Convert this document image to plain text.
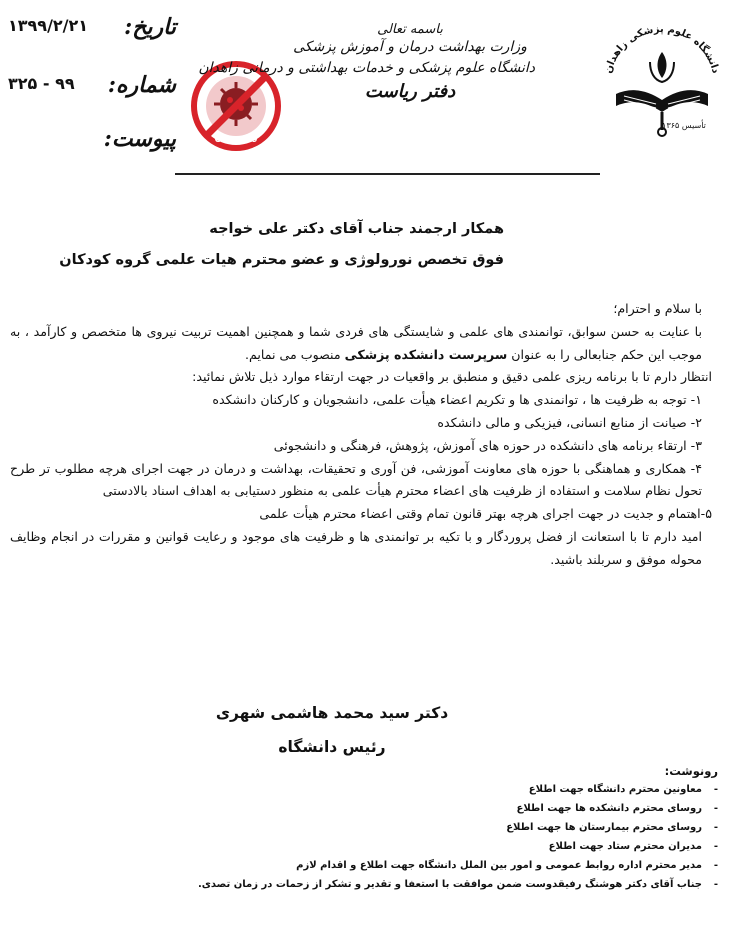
تاریخ:
۱۳۹۹/۲/۲۱
شماره:
۹۹ - ۳۲۵
پیوست:	COVID-19
باسمه تعالی
وزارت بهداشت درمان و آموزش پزشکی
دانشگاه علوم پزشکی و خدمات بهداشتی و درمانی زاهدان
دفتر ریاست
دانشگاه علوم پزشکی زاهدان
تأسیس ۱۳۶۵
همکار ارجمند جناب آقای دکتر علی خواجه
فوق تخصص نورولوژی و عضو محترم هیات علمی گروه کودکان

با سلام و احترام؛

با عنایت به حسن سوابق، توانمندی های علمی و شایستگی های فردی شما و همچنین اهمیت تربیت نیروی ها متخصص و کارآمد ، به موجب این حکم جنابعالی را به عنوان سرپرست دانشکده پزشکی منصوب می نمایم.

انتظار دارم تا با برنامه ریزی علمی دقیق و منطبق بر واقعیات در جهت ارتقاء موارد ذیل تلاش نمائید:

۱- توجه به ظرفیت ها ، توانمندی ها و تکریم اعضاء هیأت علمی، دانشجویان و کارکنان دانشکده

۲- صیانت از منابع انسانی، فیزیکی و مالی دانشکده

۳- ارتقاء برنامه های دانشکده در حوزه های آموزش، پژوهش، فرهنگی و دانشجوئی

۴- همکاری و هماهنگی با حوزه های معاونت آموزشی، فن آوری و تحقیقات، بهداشت و درمان در جهت اجرای هرچه مطلوب تر طرح تحول نظام سلامت و استفاده از ظرفیت های اعضاء محترم هیأت علمی به منظور دستیابی به اهداف اسناد بالادستی

۵-اهتمام و جدیت در جهت اجرای هرچه بهتر قانون تمام وقتی اعضاء محترم هیأت علمی

امید دارم تا با استعانت از فضل پروردگار و با تکیه بر توانمندی ها و ظرفیت های موجود و رعایت قوانین و مقررات در انجام وظایف محوله موفق و سربلند باشید.

دکتر سید محمد هاشمی شهری
رئیس دانشگاه
رونوشت:
-
معاونین محترم دانشگاه جهت اطلاع
-
روسای محترم دانشکده ها جهت اطلاع
-
روسای محترم بیمارستان ها جهت اطلاع
-
مدیران محترم ستاد جهت اطلاع
-
مدیر محترم اداره روابط عمومی و امور بین الملل دانشگاه جهت اطلاع و اقدام لازم
-
جناب آقای دکتر هوشنگ رفیقدوست ضمن موافقت با استعفا و تقدیر و تشکر از زحمات در زمان تصدی.
